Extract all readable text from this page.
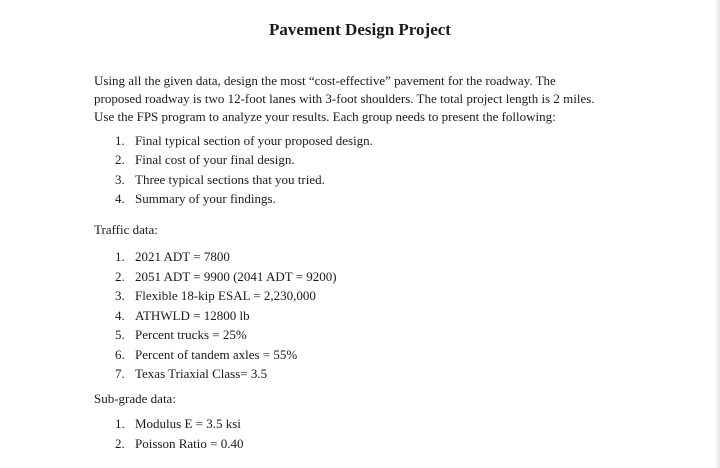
Pavement Design Project
Using all the given data, design the most “cost-effective” pavement for the roadway. The
proposed roadway is two 12-foot lanes with 3-foot shoulders. The total project length is 2 miles.
Use the FPS program to analyze your results. Each group needs to present the following:
1. Final typical section of your proposed design.
2. Final cost of your final design.
3. Three typical sections that you tried.
4. Summary of your findings.
Traffic data:
1. 2021 ADT = 7800
2. 2051 ADT = 9900 (2041 ADT = 9200)
3. Flexible 18-kip ESAL = 2,230,000
4. ATHWLD = 12800 lb
5. Percent trucks = 25%
6. Percent of tandem axles = 55%
7. Texas Triaxial Class= 3.5
Sub-grade data:
1. Modulus E = 3.5 ksi
2. Poisson Ratio = 0.40
